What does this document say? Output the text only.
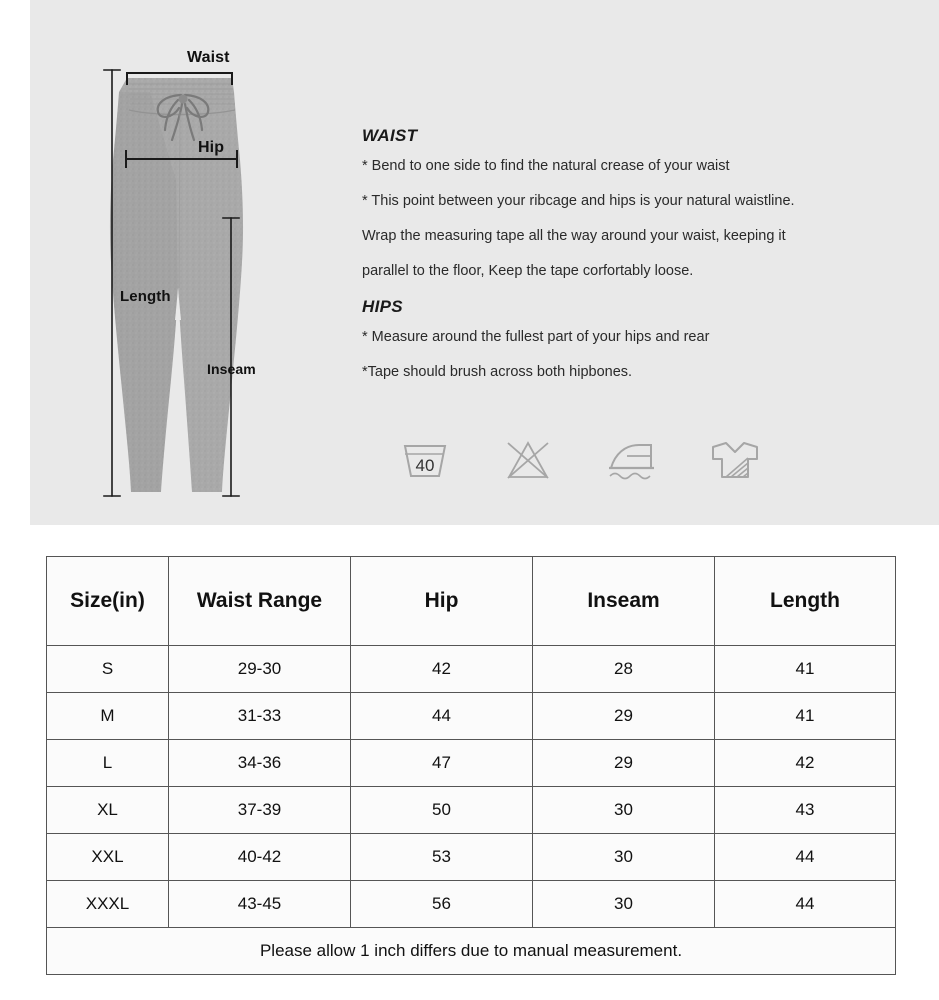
Waist
Hip
Length
Inseam

WAIST

* Bend to one side to find the natural crease of your waist

* This point between your ribcage and hips is your natural waistline.

Wrap the measuring tape all the way around your waist, keeping it

parallel to the floor, Keep the tape corfortably loose.

HIPS

* Measure around the fullest part of your hips and rear

*Tape should brush across both hipbones.

40
Size(in)	Waist Range	Hip	Inseam	Length
S	29-30	42	28	41
M	31-33	44	29	41
L	34-36	47	29	42
XL	37-39	50	30	43
XXL	40-42	53	30	44
XXXL	43-45	56	30	44
Please allow 1 inch differs due to manual measurement.				
